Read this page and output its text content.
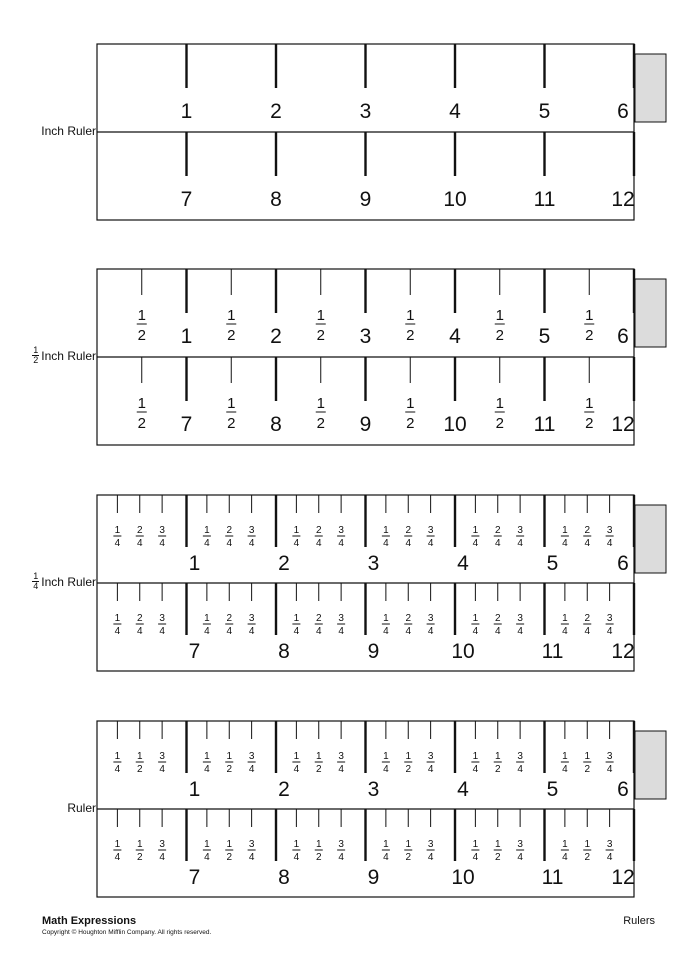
1	2	3	4	5	6
7	8	9	10	11	12
Inch Ruler
1
1
2	2
1
2	3
1
2	4
1
2	5
1
2	6
1
2
7
1
2	8
1
2	9
1
2	10
1
2	11
1
2	12
1
2
$\frac{1}{2}$ Inch Ruler
1
1
4
2
4
3
4
2
1
4
2
4
3
4
3
1
4
2
4
3
4
4
1
4
2
4
3
4
5
1
4
2
4
3
4
6
1
4
2
4
3
4
7
1
4
2
4
3
4
8
1
4
2
4
3
4
9
1
4
2
4
3
4
10
1
4
2
4
3
4
11
1
4
2
4
3
4
12
1
4
2
4
3
4
$\frac{1}{4}$ Inch Ruler
1
1
4
1
2
3
4
2
1
4
1
2
3
4
3
1
4
1
2
3
4
4
1
4
1
2
3
4
5
1
4
1
2
3
4
6
1
4
1
2
3
4
7
1
4
1
2
3
4
8
1
4
1
2
3
4
9
1
4
1
2
3
4
10
1
4
1
2
3
4
11
1
4
1
2
3
4
12
1
4
1
2
3
4
Ruler
Math Expressions
Copyright © Houghton Mifflin Company. All rights reserved.
Rulers
